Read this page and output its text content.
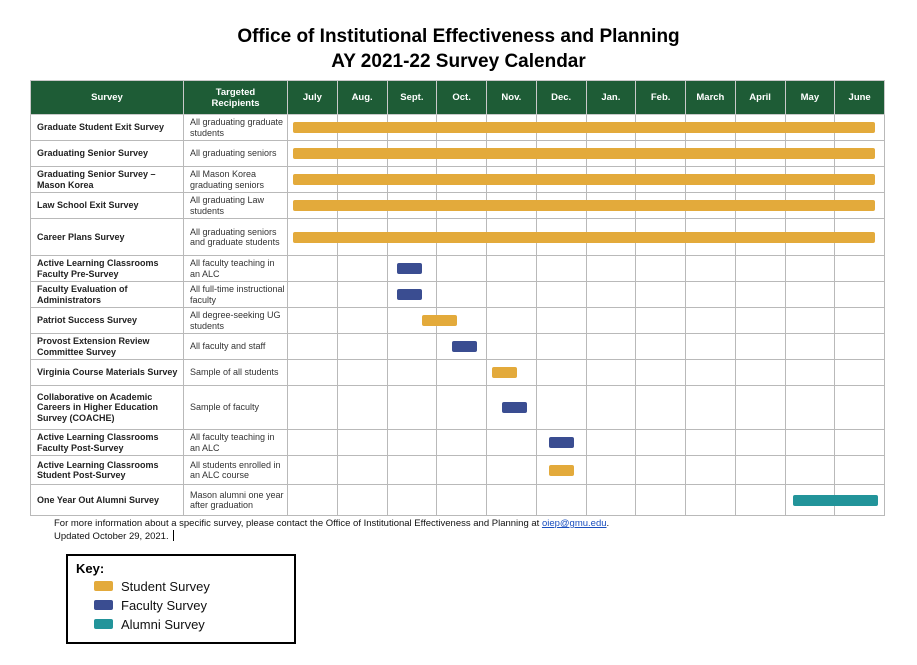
Office of Institutional Effectiveness and Planning
AY 2021-22 Survey Calendar
Survey	Targeted Recipients	July	Aug.	Sept.	Oct.	Nov.	Dec.	Jan.	Feb.	March	April	May	June
Graduate Student Exit Survey	All graduating graduate students	

Graduating Senior Survey	All graduating seniors	

Graduating Senior Survey – Mason Korea	All Mason Korea graduating seniors	

Law School Exit Survey	All graduating Law students	

Career Plans Survey	All graduating seniors and graduate students	

Active Learning Classrooms Faculty Pre-Survey	All faculty teaching in an ALC	

Faculty Evaluation of Administrators	All full-time instructional faculty	

Patriot Success Survey	All degree-seeking UG students	

Provost Extension Review Committee Survey	All faculty and staff	

Virginia Course Materials Survey	Sample of all students	

Collaborative on Academic Careers in Higher Education Survey (COACHE)	Sample of faculty	

Active Learning Classrooms Faculty Post-Survey	All faculty teaching in an ALC	

Active Learning Classrooms Student Post-Survey	All students enrolled in an ALC course	

One Year Out Alumni Survey	Mason alumni one year after graduation	

For more information about a specific survey, please contact the Office of Institutional Effectiveness and Planning at oiep@gmu.edu.
Updated October 29, 2021.
Key:
Student Survey
Faculty Survey
Alumni Survey
